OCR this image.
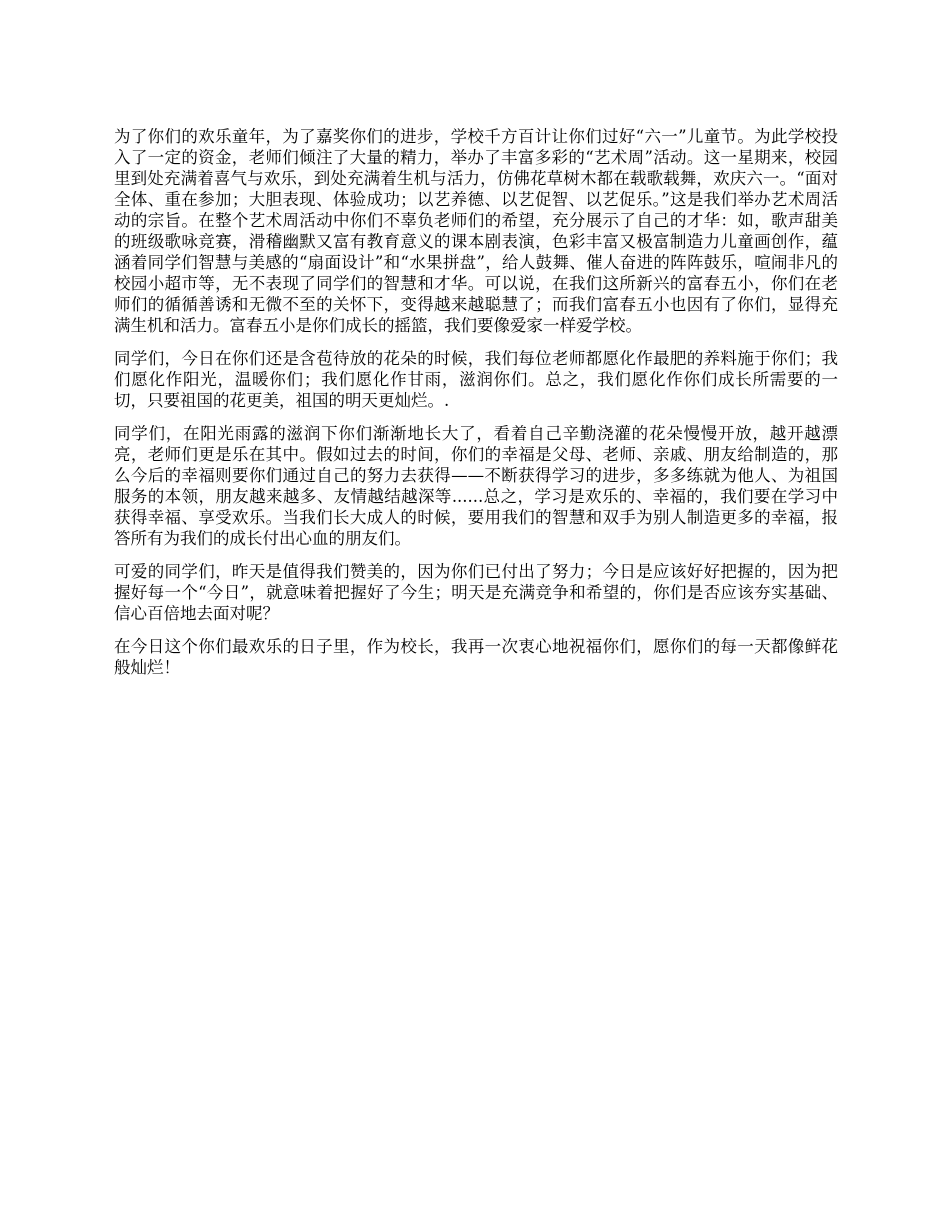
为了你们的欢乐童年，为了嘉奖你们的进步，学校千方百计让你们过好“六一”儿童节。为此学校投入了一定的资金，老师们倾注了大量的精力，举办了丰富多彩的“艺术周”活动。这一星期来，校园里到处充满着喜气与欢乐，到处充满着生机与活力，仿佛花草树木都在载歌载舞，欢庆六一。“面对全体、重在参加；大胆表现、体验成功；以艺养德、以艺促智、以艺促乐。”这是我们举办艺术周活动的宗旨。在整个艺术周活动中你们不辜负老师们的希望，充分展示了自己的才华：如，歌声甜美的班级歌咏竞赛，滑稽幽默又富有教育意义的课本剧表演，色彩丰富又极富制造力儿童画创作，蕴涵着同学们智慧与美感的“扇面设计”和“水果拼盘”，给人鼓舞、催人奋进的阵阵鼓乐，喧闹非凡的校园小超市等，无不表现了同学们的智慧和才华。可以说，在我们这所新兴的富春五小，你们在老师们的循循善诱和无微不至的关怀下，变得越来越聪慧了；而我们富春五小也因有了你们，显得充满生机和活力。富春五小是你们成长的摇篮，我们要像爱家一样爱学校。

同学们，今日在你们还是含苞待放的花朵的时候，我们每位老师都愿化作最肥的养料施于你们；我们愿化作阳光，温暖你们；我们愿化作甘雨，滋润你们。总之，我们愿化作你们成长所需要的一切，只要祖国的花更美，祖国的明天更灿烂。.

同学们，在阳光雨露的滋润下你们渐渐地长大了，看着自己辛勤浇灌的花朵慢慢开放，越开越漂亮，老师们更是乐在其中。假如过去的时间，你们的幸福是父母、老师、亲戚、朋友给制造的，那么今后的幸福则要你们通过自己的努力去获得——不断获得学习的进步，多多练就为他人、为祖国服务的本领，朋友越来越多、友情越结越深等......总之，学习是欢乐的、幸福的，我们要在学习中获得幸福、享受欢乐。当我们长大成人的时候，要用我们的智慧和双手为别人制造更多的幸福，报答所有为我们的成长付出心血的朋友们。

可爱的同学们，昨天是值得我们赞美的，因为你们已付出了努力；今日是应该好好把握的，因为把握好每一个“今日”，就意味着把握好了今生；明天是充满竞争和希望的，你们是否应该夯实基础、信心百倍地去面对呢？

在今日这个你们最欢乐的日子里，作为校长，我再一次衷心地祝福你们，愿你们的每一天都像鲜花般灿烂！
